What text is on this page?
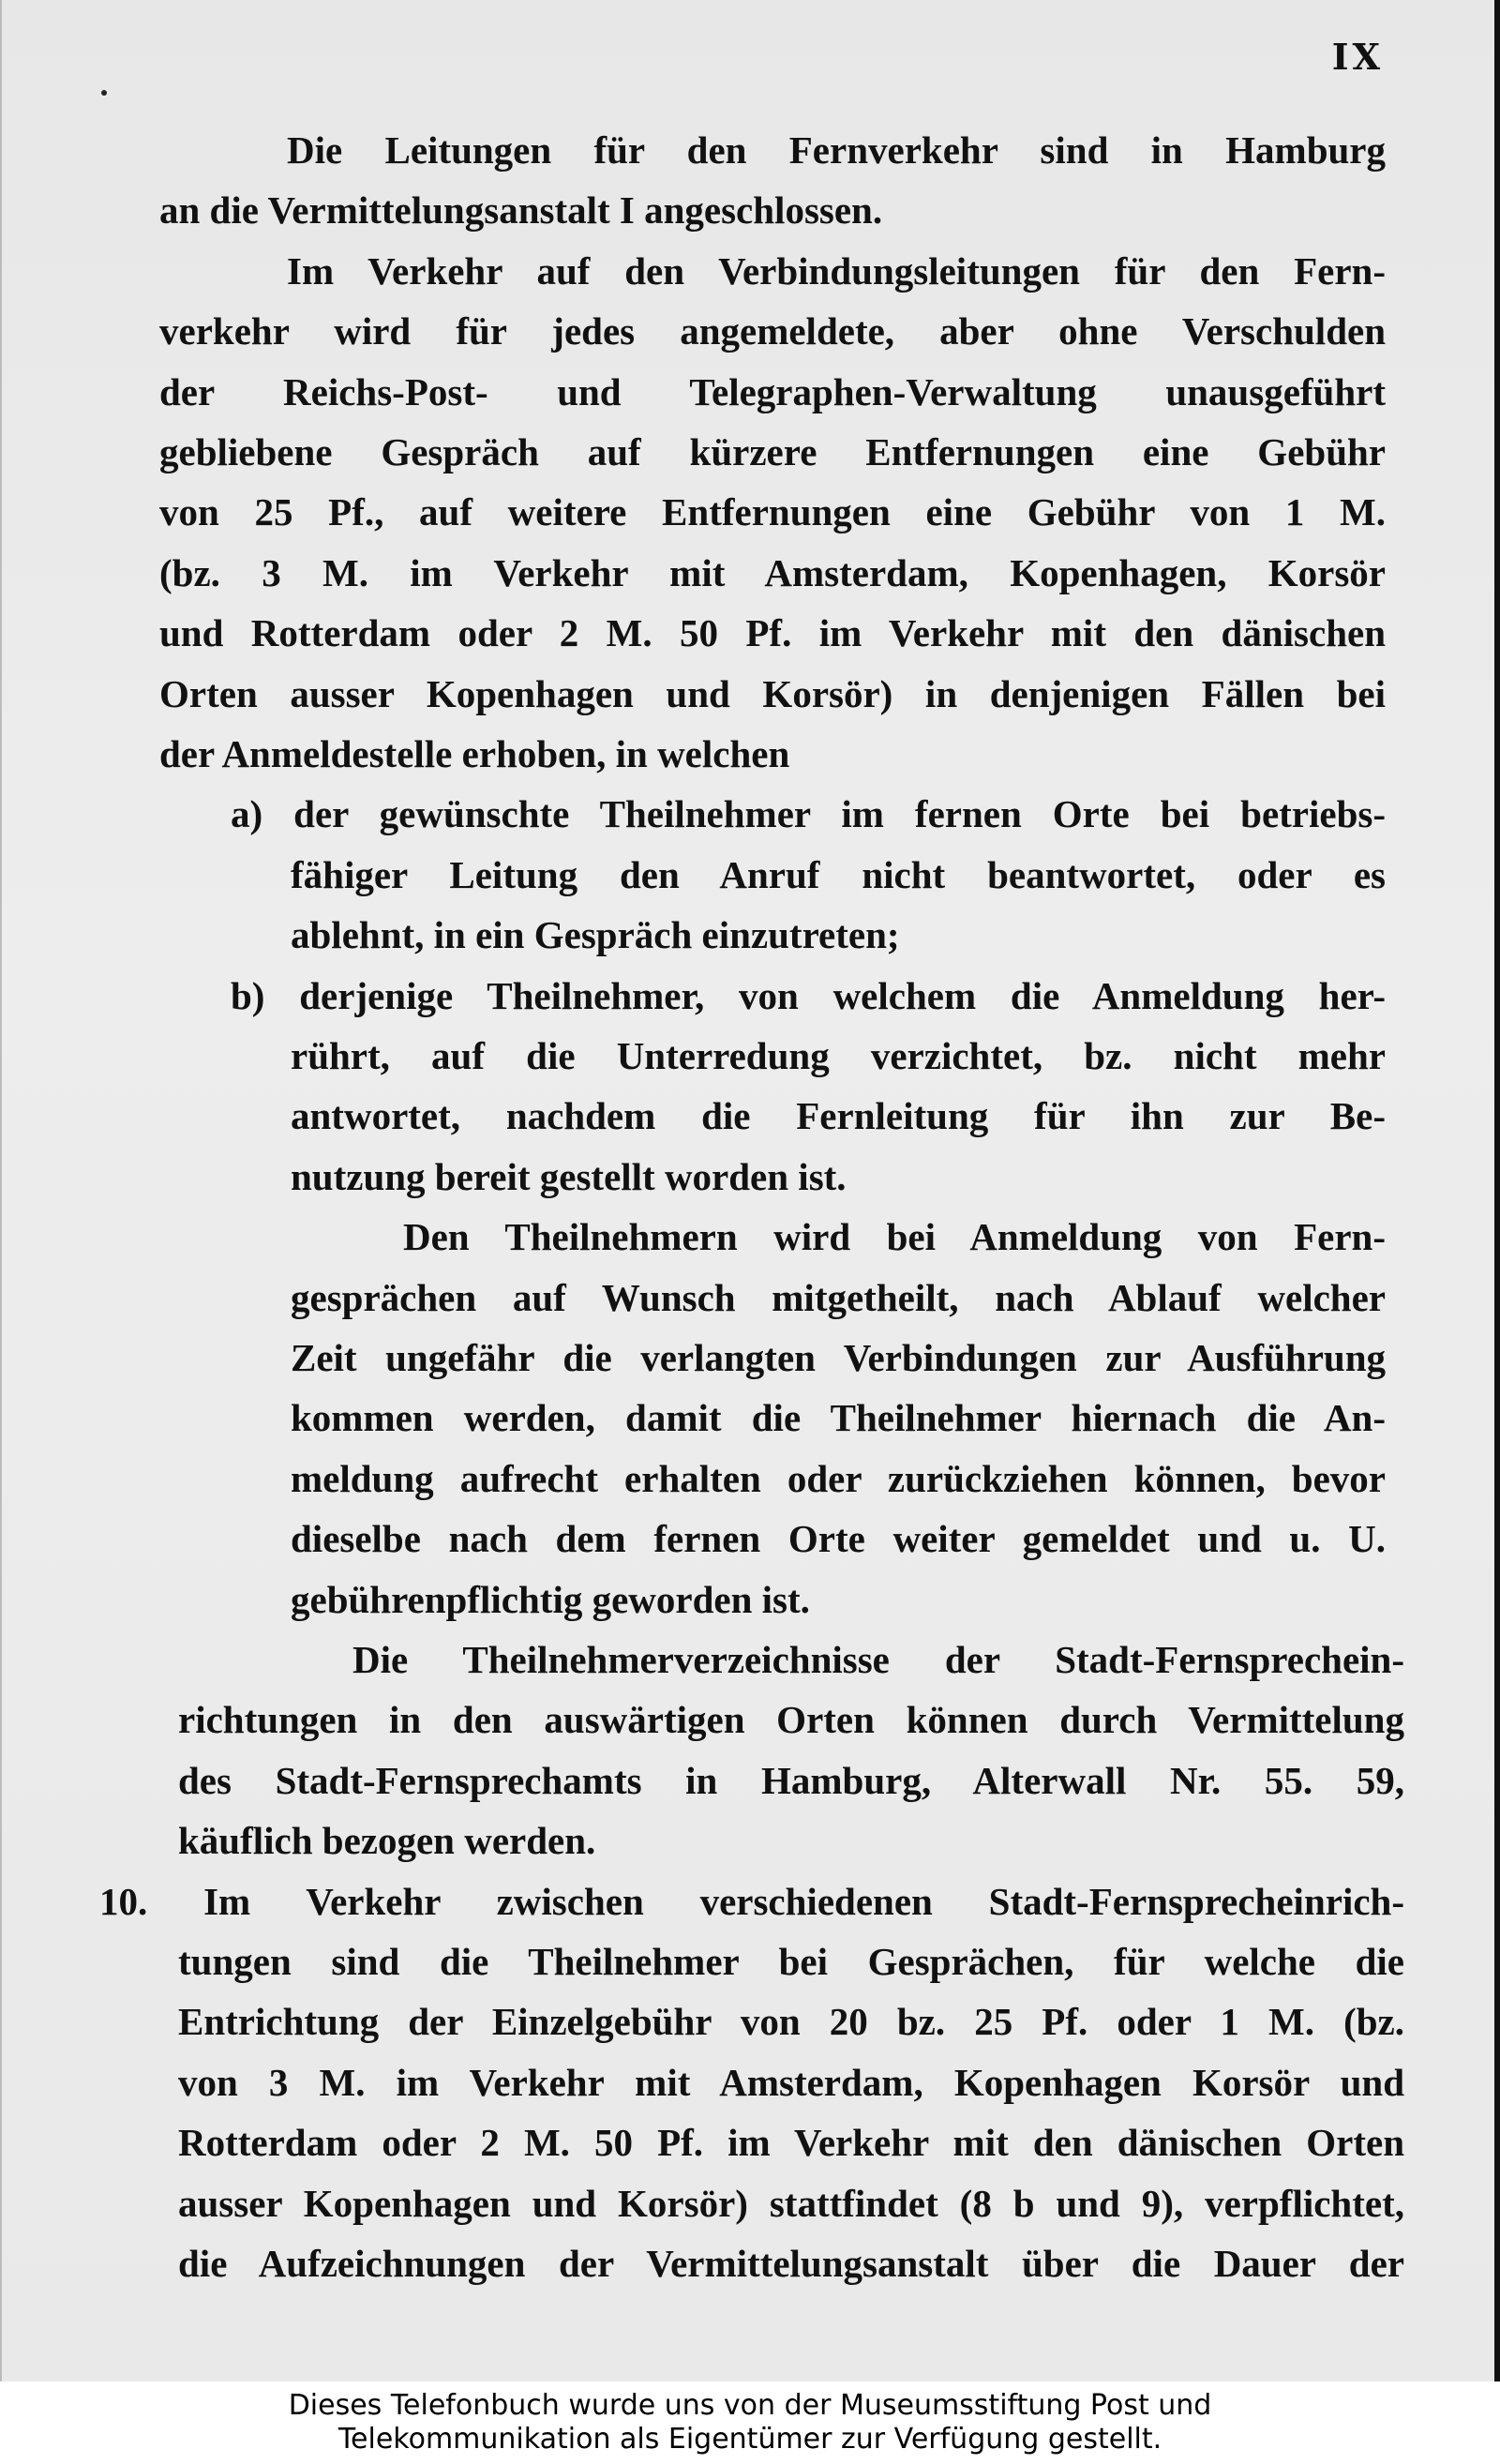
IX
Die Leitungen für den Fernverkehr sind in Hamburg
an die Vermittelungsanstalt I angeschlossen.
Im Verkehr auf den Verbindungsleitungen für den Fern-
verkehr wird für jedes angemeldete, aber ohne Verschulden
der Reichs-Post- und Telegraphen-Verwaltung unausgeführt
gebliebene Gespräch auf kürzere Entfernungen eine Gebühr
von 25 Pf., auf weitere Entfernungen eine Gebühr von 1 M.
(bz. 3 M. im Verkehr mit Amsterdam, Kopenhagen, Korsör
und Rotterdam oder 2 M. 50 Pf. im Verkehr mit den dänischen
Orten ausser Kopenhagen und Korsör) in denjenigen Fällen bei
der Anmeldestelle erhoben, in welchen
a) der gewünschte Theilnehmer im fernen Orte bei betriebs-
fähiger Leitung den Anruf nicht beantwortet, oder es
ablehnt, in ein Gespräch einzutreten;
b) derjenige Theilnehmer, von welchem die Anmeldung her-
rührt, auf die Unterredung verzichtet, bz. nicht mehr
antwortet, nachdem die Fernleitung für ihn zur Be-
nutzung bereit gestellt worden ist.
Den Theilnehmern wird bei Anmeldung von Fern-
gesprächen auf Wunsch mitgetheilt, nach Ablauf welcher
Zeit ungefähr die verlangten Verbindungen zur Ausführung
kommen werden, damit die Theilnehmer hiernach die An-
meldung aufrecht erhalten oder zurückziehen können, bevor
dieselbe nach dem fernen Orte weiter gemeldet und u. U.
gebührenpflichtig geworden ist.
Die Theilnehmerverzeichnisse der Stadt-Fernsprechein-
richtungen in den auswärtigen Orten können durch Vermittelung
des Stadt-Fernsprechamts in Hamburg, Alterwall Nr. 55. 59,
käuflich bezogen werden.
10. Im Verkehr zwischen verschiedenen Stadt-Fernsprecheinrich-
tungen sind die Theilnehmer bei Gesprächen, für welche die
Entrichtung der Einzelgebühr von 20 bz. 25 Pf. oder 1 M. (bz.
von 3 M. im Verkehr mit Amsterdam, Kopenhagen Korsör und
Rotterdam oder 2 M. 50 Pf. im Verkehr mit den dänischen Orten
ausser Kopenhagen und Korsör) stattfindet (8 b und 9), verpflichtet,
die Aufzeichnungen der Vermittelungsanstalt über die Dauer der
Dieses Telefonbuch wurde uns von der Museumsstiftung Post und
Telekommunikation als Eigentümer zur Verfügung gestellt.
